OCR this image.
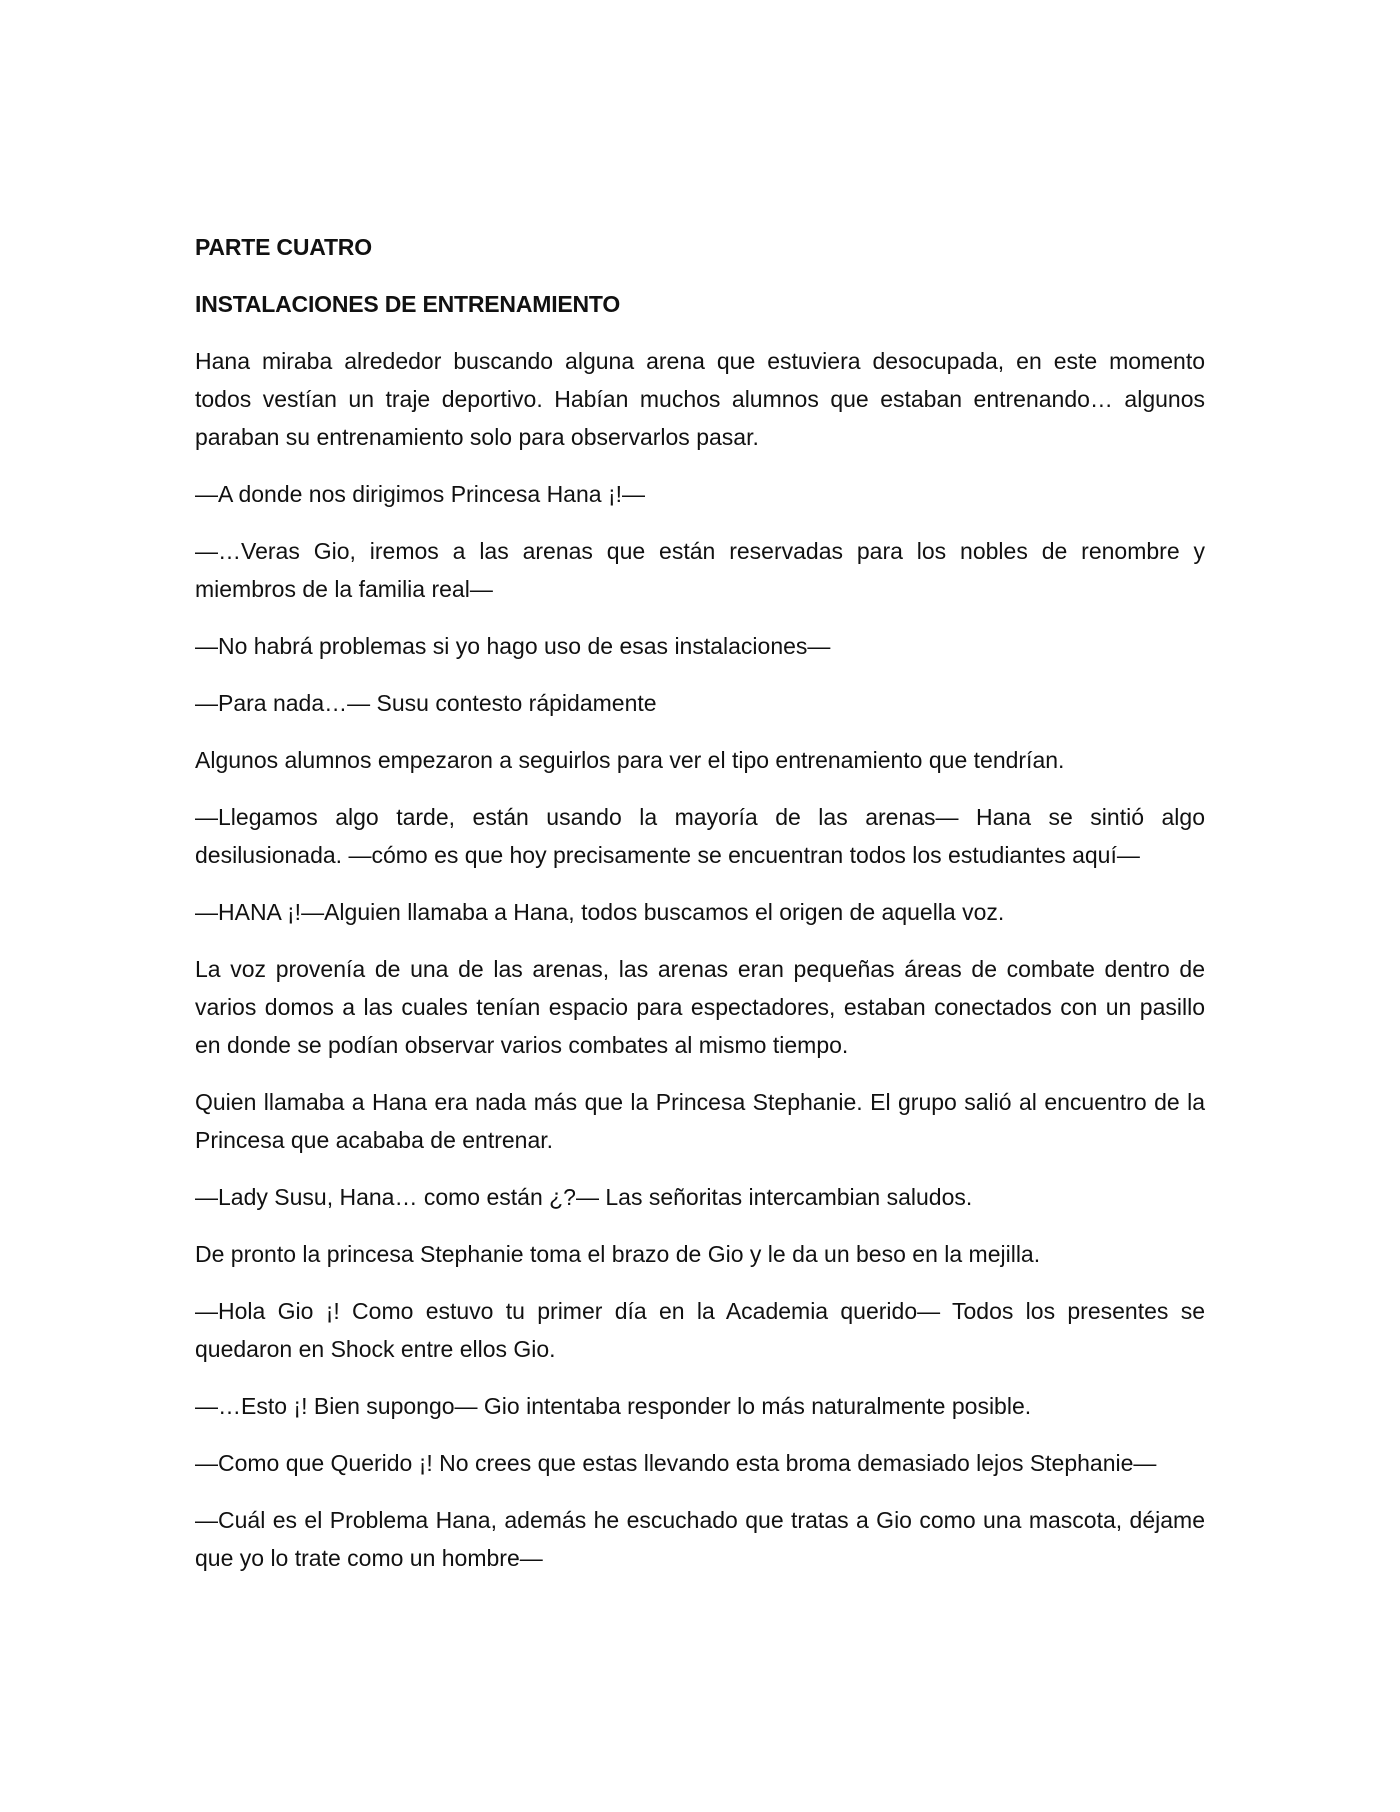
PARTE CUATRO
INSTALACIONES DE ENTRENAMIENTO

Hana miraba alrededor buscando alguna arena que estuviera desocupada, en este momento todos vestían un traje deportivo. Habían muchos alumnos que estaban entrenando… algunos paraban su entrenamiento solo para observarlos pasar.

—A donde nos dirigimos Princesa Hana ¡!—

—…Veras Gio, iremos a las arenas que están reservadas para los nobles de renombre y miembros de la familia real—

—No habrá problemas si yo hago uso de esas instalaciones—

—Para nada…— Susu contesto rápidamente

Algunos alumnos empezaron a seguirlos para ver el tipo entrenamiento que tendrían.

—Llegamos algo tarde, están usando la mayoría de las arenas— Hana se sintió algo desilusionada. —cómo es que hoy precisamente se encuentran todos los estudiantes aquí—

—HANA ¡!—Alguien llamaba a Hana, todos buscamos el origen de aquella voz.

La voz provenía de una de las arenas, las arenas eran pequeñas áreas de combate dentro de varios domos a las cuales tenían espacio para espectadores, estaban conectados con un pasillo en donde se podían observar varios combates al mismo tiempo.

Quien llamaba a Hana era nada más que la Princesa Stephanie. El grupo salió al encuentro de la Princesa que acababa de entrenar.

—Lady Susu, Hana… como están ¿?— Las señoritas intercambian saludos.

De pronto la princesa Stephanie toma el brazo de Gio y le da un beso en la mejilla.

—Hola Gio ¡! Como estuvo tu primer día en la Academia querido— Todos los presentes se quedaron en Shock entre ellos Gio.

—…Esto ¡! Bien supongo— Gio intentaba responder lo más naturalmente posible.

—Como que Querido ¡! No crees que estas llevando esta broma demasiado lejos Stephanie—

—Cuál es el Problema Hana, además he escuchado que tratas a Gio como una mascota, déjame que yo lo trate como un hombre—
